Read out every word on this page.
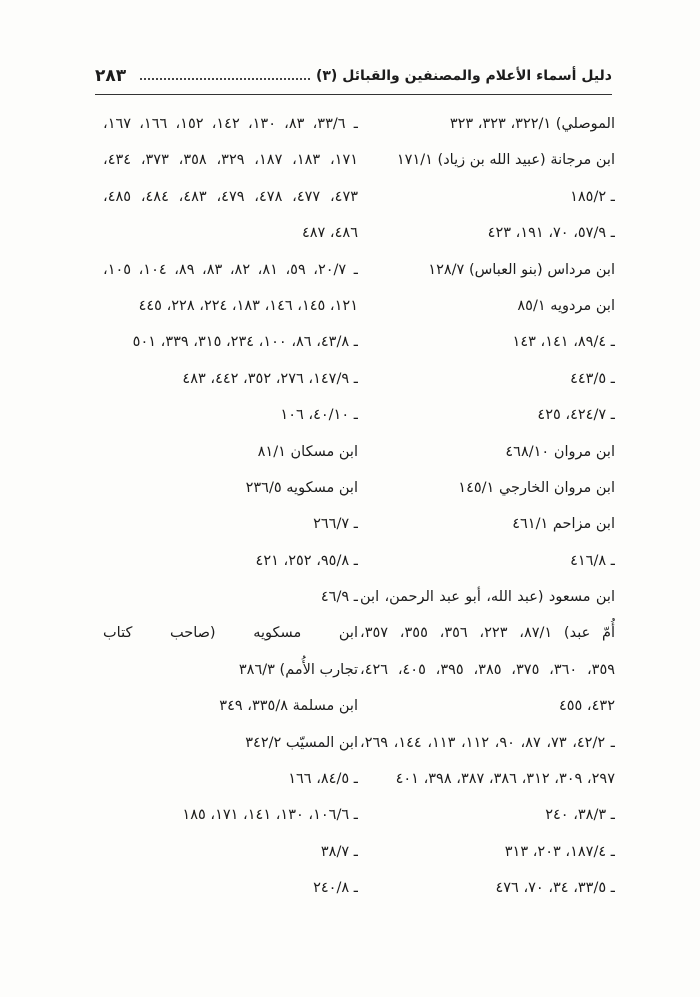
٢٨٣	دليل أسماء الأعلام والمصنفين والقبائل (٣)
الموصلي) ٣٢٢/١، ٣٢٣، ٣٢٣
ابن مرجانة (عبيد الله بن زياد) ١٧١/١
ـ ١٨٥/٢
ـ ٥٧/٩، ٧٠، ١٩١، ٤٢٣
ابن مرداس (بنو العباس) ١٢٨/٧
ابن مردويه ٨٥/١
ـ ٨٩/٤، ١٤١، ١٤٣
ـ ٤٤٣/٥
ـ ٤٢٤/٧، ٤٢٥
ابن مروان ٤٦٨/١٠
ابن مروان الخارجي ١٤٥/١
ابن مزاحم ٤٦١/١
ـ ٤١٦/٨
ابن مسعود (عبد الله، أبو عبد الرحمن، ابن
أُمّ عبد) ٨٧/١، ٢٢٣، ٣٥٦، ٣٥٥، ٣٥٧،
٣٥٩، ٣٦٠، ٣٧٥، ٣٨٥، ٣٩٥، ٤٠٥، ٤٢٦،
٤٣٢، ٤٥٥
ـ ٤٢/٢، ٧٣، ٨٧، ٩٠، ١١٢، ١١٣، ١٤٤، ٢٦٩،
٢٩٧، ٣٠٩، ٣١٢، ٣٨٦، ٣٨٧، ٣٩٨، ٤٠١
ـ ٣٨/٣، ٢٤٠
ـ ١٨٧/٤، ٢٠٣، ٣١٣
ـ ٣٣/٥، ٣٤، ٧٠، ٤٧٦
ـ ٣٣/٦، ٨٣، ١٣٠، ١٤٢، ١٥٢، ١٦٦، ١٦٧،
١٧١، ١٨٣، ١٨٧، ٣٢٩، ٣٥٨، ٣٧٣، ٤٣٤،
٤٧٣، ٤٧٧، ٤٧٨، ٤٧٩، ٤٨٣، ٤٨٤، ٤٨٥،
٤٨٦، ٤٨٧
ـ ٢٠/٧، ٥٩، ٨١، ٨٢، ٨٣، ٨٩، ١٠٤، ١٠٥،
١٢١، ١٤٥، ١٤٦، ١٨٣، ٢٢٤، ٢٢٨، ٤٤٥
ـ ٤٣/٨، ٨٦، ١٠٠، ٢٣٤، ٣١٥، ٣٣٩، ٥٠١
ـ ١٤٧/٩، ٢٧٦، ٣٥٢، ٤٤٢، ٤٨٣
ـ ٤٠/١٠، ١٠٦
ابن مسكان ٨١/١
ابن مسكويه ٢٣٦/٥
ـ ٢٦٦/٧
ـ ٩٥/٨، ٢٥٢، ٤٢١
ـ ٤٦/٩
ابن مسكويه (صاحب كتاب
تجارب الأُمم) ٣٨٦/٣
ابن مسلمة ٣٣٥/٨، ٣٤٩
ابن المسيّب ٣٤٢/٢
ـ ٨٤/٥، ١٦٦
ـ ١٠٦/٦، ١٣٠، ١٤١، ١٧١، ١٨٥
ـ ٣٨/٧
ـ ٢٤٠/٨
